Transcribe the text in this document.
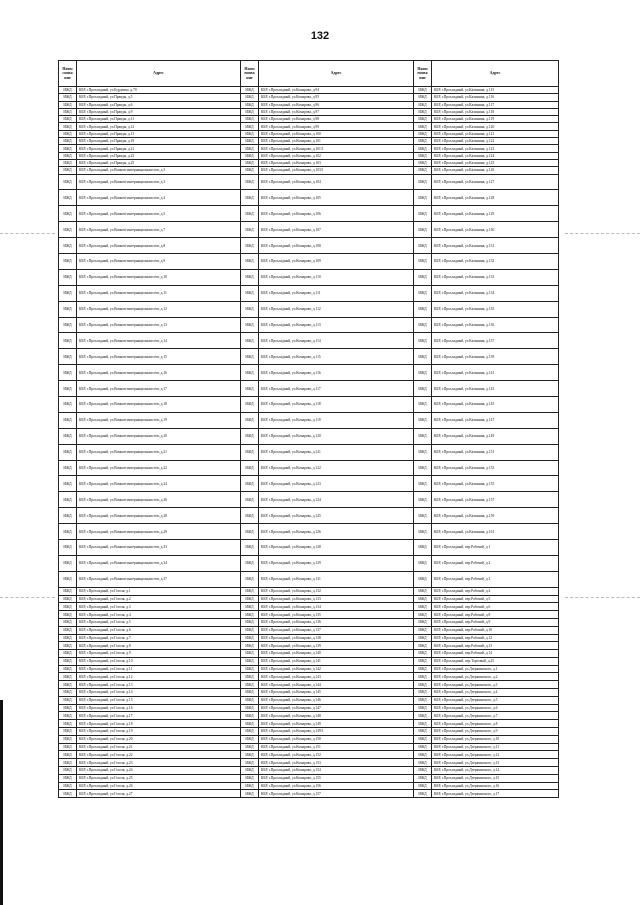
132
Наим снова ние	Адрес	Наим енова ние	Адрес	Наим енова ние	Адрес
ИЖД	КБР, г.Прохладный, ул.Бурденко, д.70	ИЖД	КБР, г.Прохладный, ул.Комарова, д.94	ИЖД	КБР, г.Прохладный, ул.Калинина, д.115
ИЖД	КБР, г.Прохладный, ул.Правды, д.5	ИЖД	КБР, г.Прохладный, ул.Комарова, д.95	ИЖД	КБР, г.Прохладный, ул.Калинина, д.116
ИЖД	КБР, г.Прохладный, ул.Правды, д.6	ИЖД	КБР, г.Прохладный, ул.Комарова, д.96	ИЖД	КБР, г.Прохладный, ул.Калинина, д.117
ИЖД	КБР, г.Прохладный, ул.Правды, д.9	ИЖД	КБР, г.Прохладный, ул.Комарова, д.97	ИЖД	КБР, г.Прохладный, ул.Калинина, д.118
ИЖД	КБР, г.Прохладный, ул.Правды, д.11	ИЖД	КБР, г.Прохладный, ул.Комарова, д.98	ИЖД	КБР, г.Прохладный, ул.Калинина, д.119
ИЖД	КБР, г.Прохладный, ул.Правды, д.12	ИЖД	КБР, г.Прохладный, ул.Комарова, д.99	ИЖД	КБР, г.Прохладный, ул.Калинина, д.120
ИЖД	КБР, г.Прохладный, ул.Правды, д.13	ИЖД	КБР, г.Прохладный, ул.Комарова, д.100	ИЖД	КБР, г.Прохладный, ул.Калинина, д.121
ИЖД	КБР, г.Прохладный, ул.Правды, д.19	ИЖД	КБР, г.Прохладный, ул.Комарова, д.101	ИЖД	КБР, г.Прохладный, ул.Калинина, д.122
ИЖД	КБР, г.Прохладный, ул.Правды, д.21	ИЖД	КБР, г.Прохладный, ул.Комарова, д.101/1	ИЖД	КБР, г.Прохладный, ул.Калинина, д.123
ИЖД	КБР, г.Прохладный, ул.Правды, д.23	ИЖД	КБР, г.Прохладный, ул.Комарова, д.102	ИЖД	КБР, г.Прохладный, ул.Калинина, д.124
ИЖД	КБР, г.Прохладный, ул.Правды, д.25	ИЖД	КБР, г.Прохладный, ул.Комарова, д.103	ИЖД	КБР, г.Прохладный, ул.Калинина, д.125
ИЖД	КБР, г.Прохладный, ул.Воинов-интернационалистов, д.3	ИЖД	КБР, г.Прохладный, ул.Комарова, д.103/1	ИЖД	КБР, г.Прохладный, ул.Калинина, д.126
ИЖД	КБР, г.Прохладный, ул.Воинов-интернационалистов, д.3	ИЖД	КБР, г.Прохладный, ул.Комарова, д.104	ИЖД	КБР, г.Прохладный, ул.Калинина, д.127
ИЖД	КБР, г.Прохладный, ул.Воинов-интернационалистов, д.4	ИЖД	КБР, г.Прохладный, ул.Комарова, д.105	ИЖД	КБР, г.Прохладный, ул.Калинина, д.128
ИЖД	КБР, г.Прохладный, ул.Воинов-интернационалистов, д.5	ИЖД	КБР, г.Прохладный, ул.Комарова, д.106	ИЖД	КБР, г.Прохладный, ул.Калинина, д.129
ИЖД	КБР, г.Прохладный, ул.Воинов-интернационалистов, д.7	ИЖД	КБР, г.Прохладный, ул.Комарова, д.107	ИЖД	КБР, г.Прохладный, ул.Калинина, д.130
ИЖД	КБР, г.Прохладный, ул.Воинов-интернационалистов, д.8	ИЖД	КБР, г.Прохладный, ул.Комарова, д.108	ИЖД	КБР, г.Прохладный, ул.Калинина, д.131
ИЖД	КБР, г.Прохладный, ул.Воинов-интернационалистов, д.9	ИЖД	КБР, г.Прохладный, ул.Комарова, д.109	ИЖД	КБР, г.Прохладный, ул.Калинина, д.132
ИЖД	КБР, г.Прохладный, ул.Воинов-интернационалистов, д.10	ИЖД	КБР, г.Прохладный, ул.Комарова, д.110	ИЖД	КБР, г.Прохладный, ул.Калинина, д.133
ИЖД	КБР, г.Прохладный, ул.Воинов-интернационалистов, д.11	ИЖД	КБР, г.Прохладный, ул.Комарова, д.111	ИЖД	КБР, г.Прохладный, ул.Калинина, д.134
ИЖД	КБР, г.Прохладный, ул.Воинов-интернационалистов, д.12	ИЖД	КБР, г.Прохладный, ул.Комарова, д.112	ИЖД	КБР, г.Прохладный, ул.Калинина, д.135
ИЖД	КБР, г.Прохладный, ул.Воинов-интернационалистов, д.13	ИЖД	КБР, г.Прохладный, ул.Комарова, д.113	ИЖД	КБР, г.Прохладный, ул.Калинина, д.136
ИЖД	КБР, г.Прохладный, ул.Воинов-интернационалистов, д.14	ИЖД	КБР, г.Прохладный, ул.Комарова, д.114	ИЖД	КБР, г.Прохладный, ул.Калинина, д.137
ИЖД	КБР, г.Прохладный, ул.Воинов-интернационалистов, д.15	ИЖД	КБР, г.Прохладный, ул.Комарова, д.115	ИЖД	КБР, г.Прохладный, ул.Калинина, д.139
ИЖД	КБР, г.Прохладный, ул.Воинов-интернационалистов, д.16	ИЖД	КБР, г.Прохладный, ул.Комарова, д.116	ИЖД	КБР, г.Прохладный, ул.Калинина, д.141
ИЖД	КБР, г.Прохладный, ул.Воинов-интернационалистов, д.17	ИЖД	КБР, г.Прохладный, ул.Комарова, д.117	ИЖД	КБР, г.Прохладный, ул.Калинина, д.143
ИЖД	КБР, г.Прохладный, ул.Воинов-интернационалистов, д.18	ИЖД	КБР, г.Прохладный, ул.Комарова, д.118	ИЖД	КБР, г.Прохладный, ул.Калинина, д.145
ИЖД	КБР, г.Прохладный, ул.Воинов-интернационалистов, д.19	ИЖД	КБР, г.Прохладный, ул.Комарова, д.119	ИЖД	КБР, г.Прохладный, ул.Калинина, д.147
ИЖД	КБР, г.Прохладный, ул.Воинов-интернационалистов, д.20	ИЖД	КБР, г.Прохладный, ул.Комарова, д.120	ИЖД	КБР, г.Прохладный, ул.Калинина, д.149
ИЖД	КБР, г.Прохладный, ул.Воинов-интернационалистов, д.21	ИЖД	КБР, г.Прохладный, ул.Комарова, д.121	ИЖД	КБР, г.Прохладный, ул.Калинина, д.151
ИЖД	КБР, г.Прохладный, ул.Воинов-интернационалистов, д.22	ИЖД	КБР, г.Прохладный, ул.Комарова, д.122	ИЖД	КБР, г.Прохладный, ул.Калинина, д.153
ИЖД	КБР, г.Прохладный, ул.Воинов-интернационалистов, д.24	ИЖД	КБР, г.Прохладный, ул.Комарова, д.123	ИЖД	КБР, г.Прохладный, ул.Калинина, д.155
ИЖД	КБР, г.Прохладный, ул.Воинов-интернационалистов, д.26	ИЖД	КБР, г.Прохладный, ул.Комарова, д.124	ИЖД	КБР, г.Прохладный, ул.Калинина, д.157
ИЖД	КБР, г.Прохладный, ул.Воинов-интернационалистов, д.28	ИЖД	КБР, г.Прохладный, ул.Комарова, д.125	ИЖД	КБР, г.Прохладный, ул.Калинина, д.159
ИЖД	КБР, г.Прохладный, ул.Воинов-интернационалистов, д.29	ИЖД	КБР, г.Прохладный, ул.Комарова, д.126	ИЖД	КБР, г.Прохладный, ул.Калинина, д.161
ИЖД	КБР, г.Прохладный, ул.Воинов-интернационалистов, д.33	ИЖД	КБР, г.Прохладный, ул.Комарова, д.128	ИЖД	КБР, г.Прохладный, пер.Рабочий, д.1
ИЖД	КБР, г.Прохладный, ул.Воинов-интернационалистов, д.34	ИЖД	КБР, г.Прохладный, ул.Комарова, д.129	ИЖД	КБР, г.Прохладный, пер.Рабочий, д.2
ИЖД	КБР, г.Прохладный, ул.Воинов-интернационалистов, д.37	ИЖД	КБР, г.Прохладный, ул.Комарова, д.131	ИЖД	КБР, г.Прохладный, пер.Рабочий, д.3
ИЖД	КБР, г.Прохладный, ул.Гоголя, д.1	ИЖД	КБР, г.Прохладный, ул.Комарова, д.132	ИЖД	КБР, г.Прохладный, пер.Рабочий, д.4
ИЖД	КБР, г.Прохладный, ул.Гоголя, д.2	ИЖД	КБР, г.Прохладный, ул.Комарова, д.133	ИЖД	КБР, г.Прохладный, пер.Рабочий, д.5
ИЖД	КБР, г.Прохладный, ул.Гоголя, д.3	ИЖД	КБР, г.Прохладный, ул.Комарова, д.134	ИЖД	КБР, г.Прохладный, пер.Рабочий, д.6
ИЖД	КБР, г.Прохладный, ул.Гоголя, д.4	ИЖД	КБР, г.Прохладный, ул.Комарова, д.135	ИЖД	КБР, г.Прохладный, пер.Рабочий, д.8
ИЖД	КБР, г.Прохладный, ул.Гоголя, д.5	ИЖД	КБР, г.Прохладный, ул.Комарова, д.136	ИЖД	КБР, г.Прохладный, пер.Рабочий, д.9
ИЖД	КБР, г.Прохладный, ул.Гоголя, д.6	ИЖД	КБР, г.Прохладный, ул.Комарова, д.137	ИЖД	КБР, г.Прохладный, пер.Рабочий, д.10
ИЖД	КБР, г.Прохладный, ул.Гоголя, д.7	ИЖД	КБР, г.Прохладный, ул.Комарова, д.138	ИЖД	КБР, г.Прохладный, пер.Рабочий, д.12
ИЖД	КБР, г.Прохладный, ул.Гоголя, д.8	ИЖД	КБР, г.Прохладный, ул.Комарова, д.139	ИЖД	КБР, г.Прохладный, пер.Рабочий, д.13
ИЖД	КБР, г.Прохладный, ул.Гоголя, д.9	ИЖД	КБР, г.Прохладный, ул.Комарова, д.140	ИЖД	КБР, г.Прохладный, пер.Рабочий, д.14
ИЖД	КБР, г.Прохладный, ул.Гоголя, д.10	ИЖД	КБР, г.Прохладный, ул.Комарова, д.141	ИЖД	КБР, г.Прохладный, пер.Торговый, д.25
ИЖД	КБР, г.Прохладный, ул.Гоголя, д.11	ИЖД	КБР, г.Прохладный, ул.Комарова, д.142	ИЖД	КБР, г.Прохладный, ул.Дзержинского, д.1
ИЖД	КБР, г.Прохладный, ул.Гоголя, д.12	ИЖД	КБР, г.Прохладный, ул.Комарова, д.143	ИЖД	КБР, г.Прохладный, ул.Дзержинского, д.2
ИЖД	КБР, г.Прохладный, ул.Гоголя, д.13	ИЖД	КБР, г.Прохладный, ул.Комарова, д.144	ИЖД	КБР, г.Прохладный, ул.Дзержинского, д.3
ИЖД	КБР, г.Прохладный, ул.Гоголя, д.14	ИЖД	КБР, г.Прохладный, ул.Комарова, д.145	ИЖД	КБР, г.Прохладный, ул.Дзержинского, д.4
ИЖД	КБР, г.Прохладный, ул.Гоголя, д.15	ИЖД	КБР, г.Прохладный, ул.Комарова, д.146	ИЖД	КБР, г.Прохладный, ул.Дзержинского, д.5
ИЖД	КБР, г.Прохладный, ул.Гоголя, д.16	ИЖД	КБР, г.Прохладный, ул.Комарова, д.147	ИЖД	КБР, г.Прохладный, ул.Дзержинского, д.6
ИЖД	КБР, г.Прохладный, ул.Гоголя, д.17	ИЖД	КБР, г.Прохладный, ул.Комарова, д.148	ИЖД	КБР, г.Прохладный, ул.Дзержинского, д.7
ИЖД	КБР, г.Прохладный, ул.Гоголя, д.18	ИЖД	КБР, г.Прохладный, ул.Комарова, д.149	ИЖД	КБР, г.Прохладный, ул.Дзержинского, д.8
ИЖД	КБР, г.Прохладный, ул.Гоголя, д.19	ИЖД	КБР, г.Прохладный, ул.Комарова, д.149/1	ИЖД	КБР, г.Прохладный, ул.Дзержинского, д.9
ИЖД	КБР, г.Прохладный, ул.Гоголя, д.20	ИЖД	КБР, г.Прохладный, ул.Комарова, д.150	ИЖД	КБР, г.Прохладный, ул.Дзержинского, д.10
ИЖД	КБР, г.Прохладный, ул.Гоголя, д.21	ИЖД	КБР, г.Прохладный, ул.Комарова, д.151	ИЖД	КБР, г.Прохладный, ул.Дзержинского, д.11
ИЖД	КБР, г.Прохладный, ул.Гоголя, д.22	ИЖД	КБР, г.Прохладный, ул.Комарова, д.152	ИЖД	КБР, г.Прохладный, ул.Дзержинского, д.12
ИЖД	КБР, г.Прохладный, ул.Гоголя, д.23	ИЖД	КБР, г.Прохладный, ул.Комарова, д.153	ИЖД	КБР, г.Прохладный, ул.Дзержинского, д.13
ИЖД	КБР, г.Прохладный, ул.Гоголя, д.24	ИЖД	КБР, г.Прохладный, ул.Комарова, д.154	ИЖД	КБР, г.Прохладный, ул.Дзержинского, д.14
ИЖД	КБР, г.Прохладный, ул.Гоголя, д.25	ИЖД	КБР, г.Прохладный, ул.Комарова, д.155	ИЖД	КБР, г.Прохладный, ул.Дзержинского, д.15
ИЖД	КБР, г.Прохладный, ул.Гоголя, д.26	ИЖД	КБР, г.Прохладный, ул.Комарова, д.156	ИЖД	КБР, г.Прохладный, ул.Дзержинского, д.16
ИЖД	КБР, г.Прохладный, ул.Гоголя, д.27	ИЖД	КБР, г.Прохладный, ул.Комарова, д.157	ИЖД	КБР, г.Прохладный, ул.Дзержинского, д.17
